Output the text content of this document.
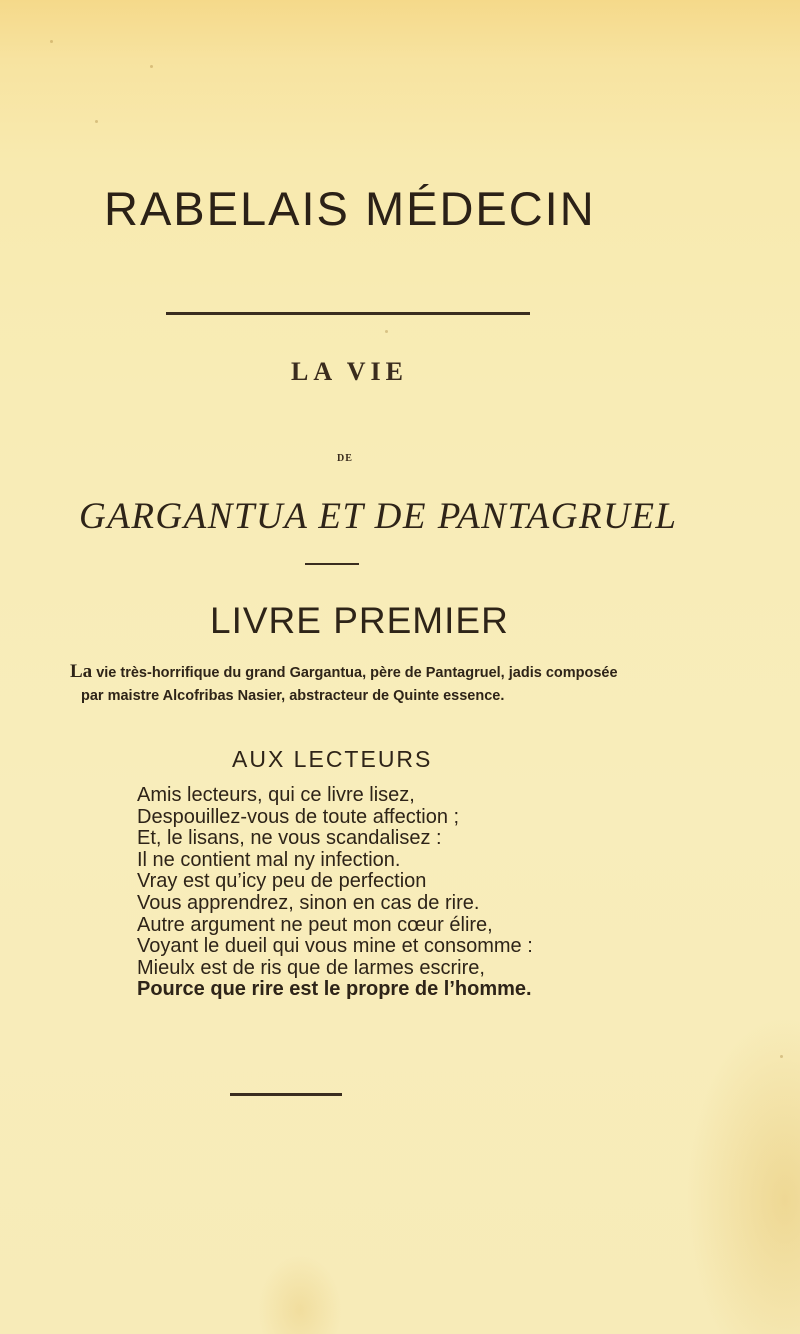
RABELAIS MÉDECIN
LA VIE
DE
GARGANTUA ET DE PANTAGRUEL
LIVRE PREMIER
La vie très-horrifique du grand Gargantua, père de Pantagruel, jadis composée
par maistre Alcofribas Nasier, abstracteur de Quinte essence.
AUX LECTEURS
Amis lecteurs, qui ce livre lisez,
Despouillez-vous de toute affection ;
Et, le lisans, ne vous scandalisez :
Il ne contient mal ny infection.
Vray est qu’icy peu de perfection
Vous apprendrez, sinon en cas de rire.
Autre argument ne peut mon cœur élire,
Voyant le dueil qui vous mine et consomme :
Mieulx est de ris que de larmes escrire,
Pource que rire est le propre de l’homme.
